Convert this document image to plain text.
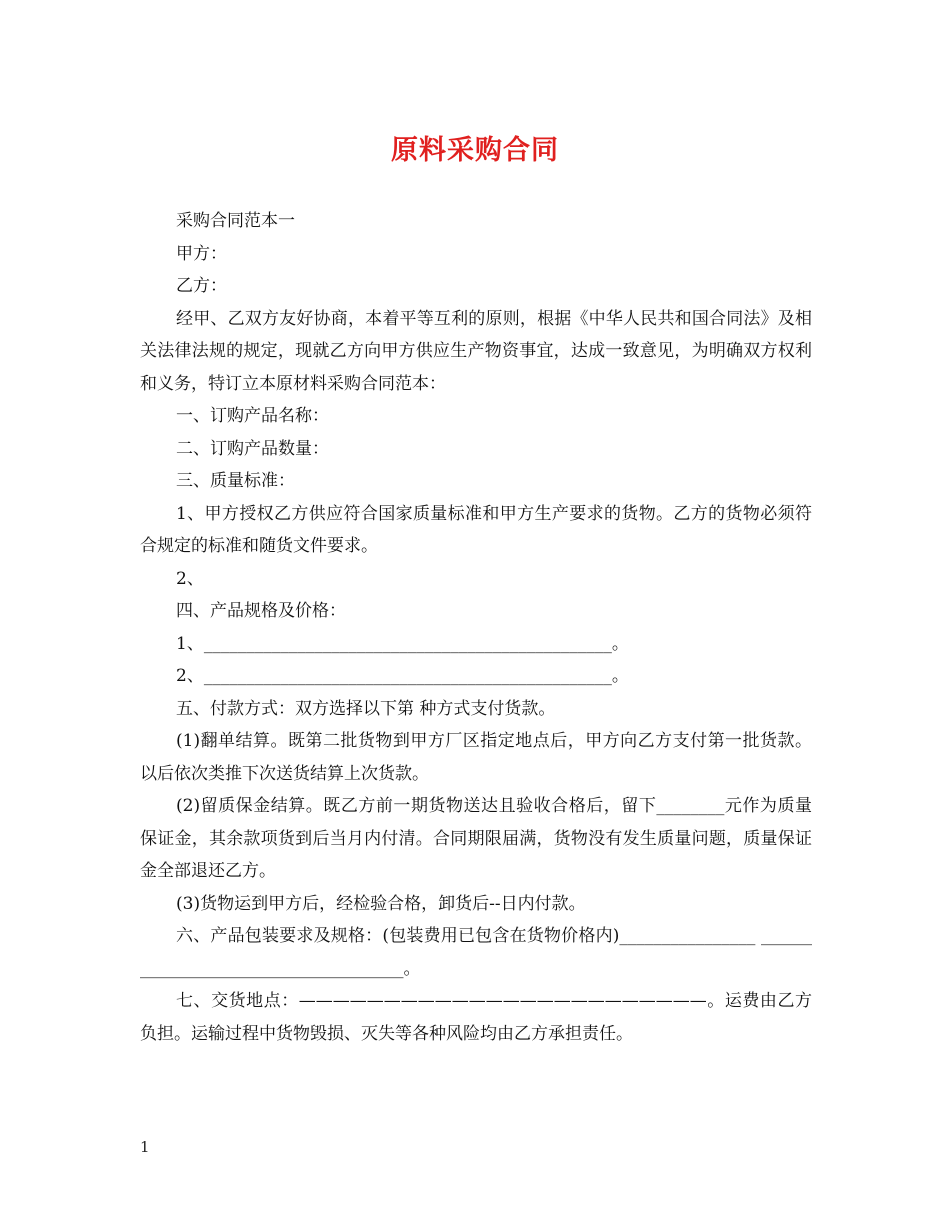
原料采购合同

采购合同范本一

甲方：

乙方：

经甲、乙双方友好协商，本着平等互利的原则，根据《中华人民共和国合同法》及相关法律法规的规定，现就乙方向甲方供应生产物资事宜，达成一致意见，为明确双方权利和义务，特订立本原材料采购合同范本：

一、订购产品名称：

二、订购产品数量：

三、质量标准：

1、甲方授权乙方供应符合国家质量标准和甲方生产要求的货物。乙方的货物必须符合规定的标准和随货文件要求。

2、

四、产品规格及价格：

1、________________________________________________。

2、________________________________________________。

五、付款方式：双方选择以下第 种方式支付货款。

(1)翻单结算。既第二批货物到甲方厂区指定地点后，甲方向乙方支付第一批货款。以后依次类推下次送货结算上次货款。

(2)留质保金结算。既乙方前一期货物送达且验收合格后，留下________元作为质量保证金，其余款项货到后当月内付清。合同期限届满，货物没有发生质量问题，质量保证金全部退还乙方。

(3)货物运到甲方后，经检验合格，卸货后--日内付款。

六、产品包装要求及规格：(包装费用已包含在货物价格内)________________ _____________________________________。

七、交货地点：————————————————————————。运费由乙方负担。运输过程中货物毁损、灭失等各种风险均由乙方承担责任。

1
